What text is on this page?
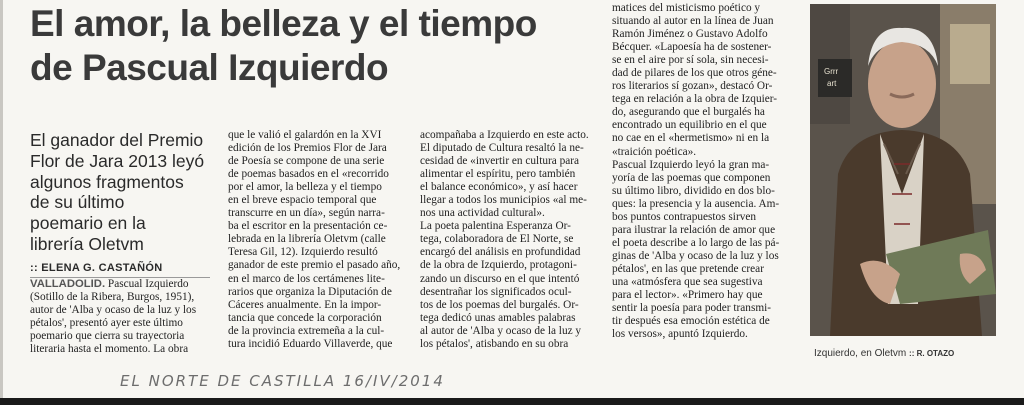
El amor, la belleza y el tiempo
de Pascual Izquierdo
El ganador del Premio
Flor de Jara 2013 leyó
algunos fragmentos
de su último
poemario en la
librería Oletvm
:: ELENA G. CASTAÑÓN
VALLADOLID. Pascual Izquierdo
(Sotillo de la Ribera, Burgos, 1951),
autor de 'Alba y ocaso de la luz y los
pétalos', presentó ayer este último
poemario que cierra su trayectoria
literaria hasta el momento. La obra
que le valió el galardón en la XVI
edición de los Premios Flor de Jara
de Poesía se compone de una serie
de poemas basados en el «recorrido
por el amor, la belleza y el tiempo
en el breve espacio temporal que
transcurre en un día», según narra-
ba el escritor en la presentación ce-
lebrada en la librería Oletvm (calle
Teresa Gil, 12). Izquierdo resultó
ganador de este premio el pasado año,
en el marco de los certámenes lite-
rarios que organiza la Diputación de
Cáceres anualmente. En la impor-
tancia que concede la corporación
de la provincia extremeña a la cul-
tura incidió Eduardo Villaverde, que
acompañaba a Izquierdo en este acto.
El diputado de Cultura resaltó la ne-
cesidad de «invertir en cultura para
alimentar el espíritu, pero también
el balance económico», y así hacer
llegar a todos los municipios «al me-
nos una actividad cultural».
La poeta palentina Esperanza Or-
tega, colaboradora de El Norte, se
encargó del análisis en profundidad
de la obra de Izquierdo, protagoni-
zando un discurso en el que intentó
desentrañar los significados ocul-
tos de los poemas del burgalés. Or-
tega dedicó unas amables palabras
al autor de 'Alba y ocaso de la luz y
los pétalos', atisbando en su obra
matices del misticismo poético y
situando al autor en la línea de Juan
Ramón Jiménez o Gustavo Adolfo
Bécquer. «Lapoesía ha de sostener-
se en el aire por sí sola, sin necesi-
dad de pilares de los que otros géne-
ros literarios sí gozan», destacó Or-
tega en relación a la obra de Izquier-
do, asegurando que el burgalés ha
encontrado un equilibrio en el que
no cae en el «hermetismo» ni en la
«traición poética».
Pascual Izquierdo leyó la gran ma-
yoría de las poemas que componen
su último libro, dividido en dos blo-
ques: la presencia y la ausencia. Am-
bos puntos contrapuestos sirven
para ilustrar la relación de amor que
el poeta describe a lo largo de las pá-
ginas de 'Alba y ocaso de la luz y los
pétalos', en las que pretende crear
una «atmósfera que sea sugestiva
para el lector». «Primero hay que
sentir la poesía para poder transmi-
tir después esa emoción estética de
los versos», apuntó Izquierdo.
Grrr
art
Izquierdo, en Oletvm :: R. OTAZO
EL NORTE DE CASTILLA 16/IV/2014
